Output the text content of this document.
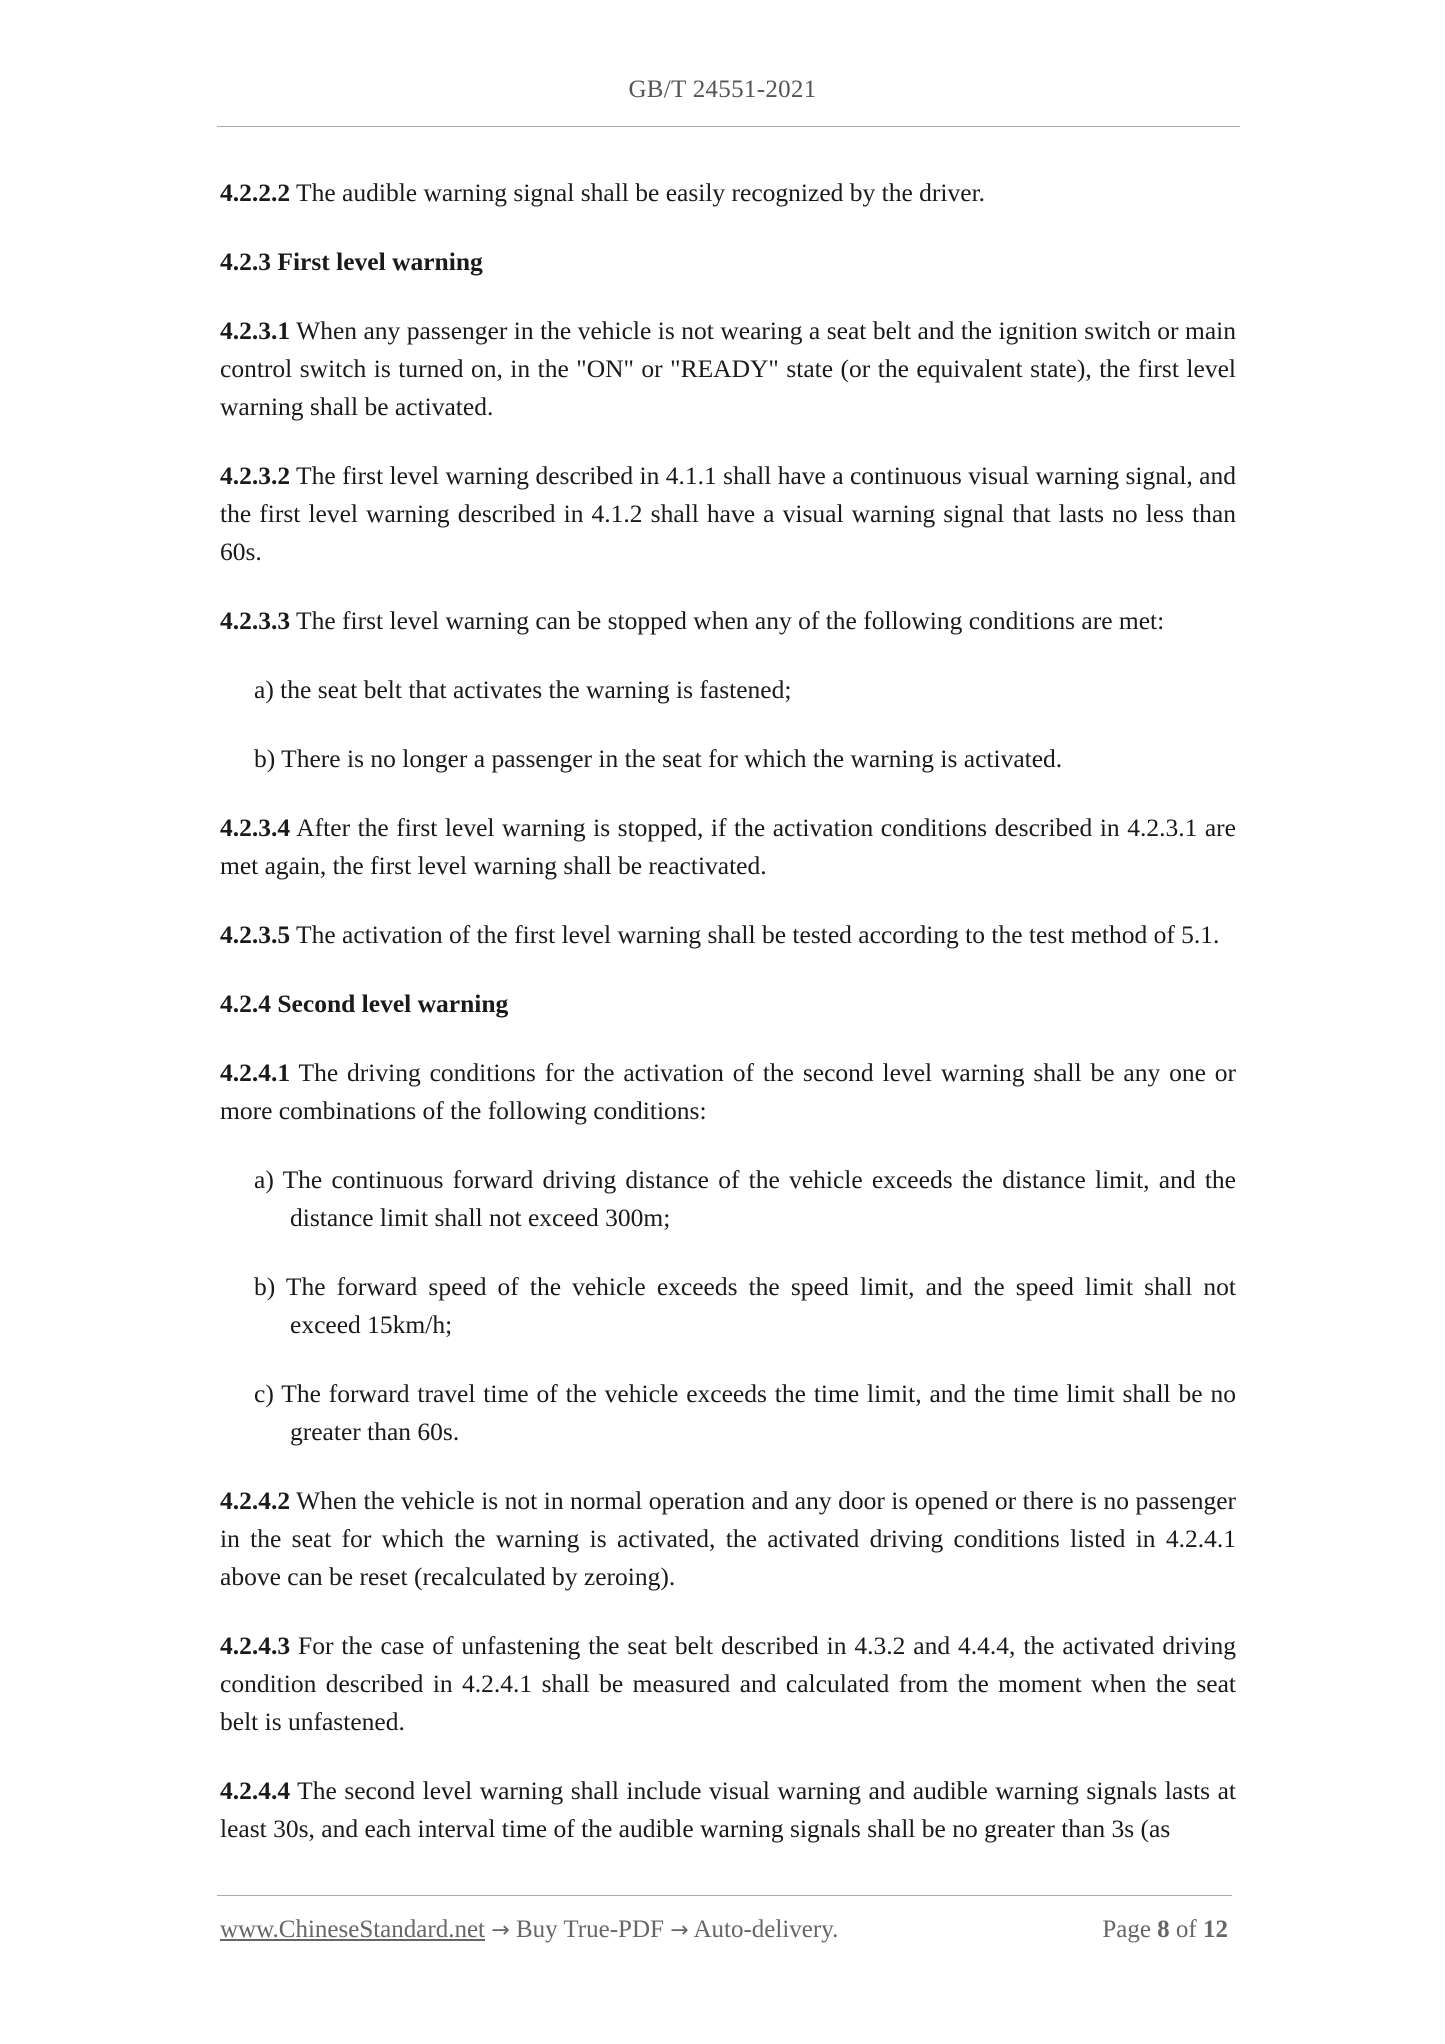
GB/T 24551-2021

4.2.2.2 The audible warning signal shall be easily recognized by the driver.

4.2.3 First level warning

4.2.3.1 When any passenger in the vehicle is not wearing a seat belt and the ignition switch or main control switch is turned on, in the "ON" or "READY" state (or the equivalent state), the first level warning shall be activated.

4.2.3.2 The first level warning described in 4.1.1 shall have a continuous visual warning signal, and the first level warning described in 4.1.2 shall have a visual warning signal that lasts no less than 60s.

4.2.3.3 The first level warning can be stopped when any of the following conditions are met:

a) the seat belt that activates the warning is fastened;

b) There is no longer a passenger in the seat for which the warning is activated.

4.2.3.4 After the first level warning is stopped, if the activation conditions described in 4.2.3.1 are met again, the first level warning shall be reactivated.

4.2.3.5 The activation of the first level warning shall be tested according to the test method of 5.1.

4.2.4 Second level warning

4.2.4.1 The driving conditions for the activation of the second level warning shall be any one or more combinations of the following conditions:

a) The continuous forward driving distance of the vehicle exceeds the distance limit, and the distance limit shall not exceed 300m;

b) The forward speed of the vehicle exceeds the speed limit, and the speed limit shall not exceed 15km/h;

c) The forward travel time of the vehicle exceeds the time limit, and the time limit shall be no greater than 60s.

4.2.4.2 When the vehicle is not in normal operation and any door is opened or there is no passenger in the seat for which the warning is activated, the activated driving conditions listed in 4.2.4.1 above can be reset (recalculated by zeroing).

4.2.4.3 For the case of unfastening the seat belt described in 4.3.2 and 4.4.4, the activated driving condition described in 4.2.4.1 shall be measured and calculated from the moment when the seat belt is unfastened.

4.2.4.4 The second level warning shall include visual warning and audible warning signals lasts at least 30s, and each interval time of the audible warning signals shall be no greater than 3s (as

www.ChineseStandard.net → Buy True-PDF → Auto-delivery.	Page 8 of 12
